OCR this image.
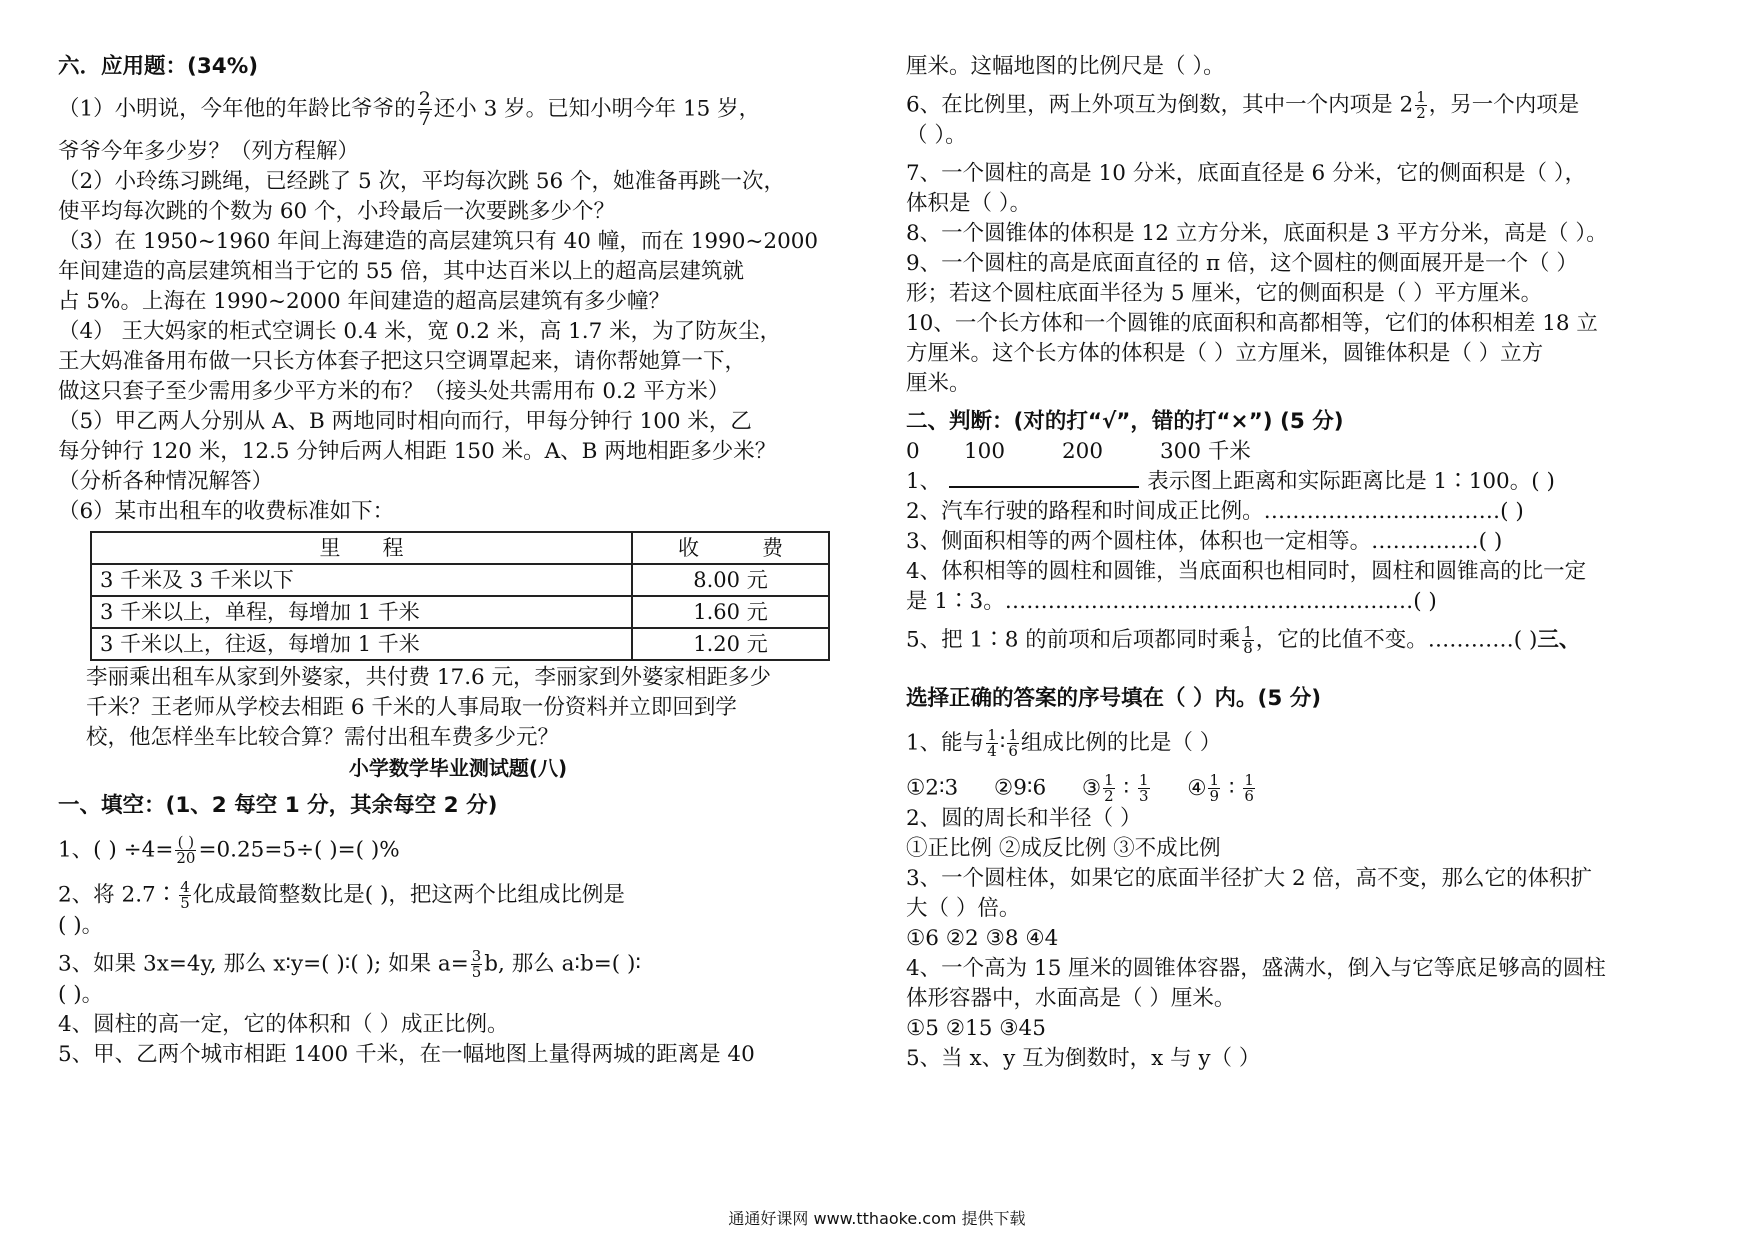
六．应用题：(34%)
（1）小明说，今年他的年龄比爷爷的 $\frac{2}{7}$ 还小 3 岁。已知小明今年 15 岁，
爷爷今年多少岁？（列方程解）
（2）小玲练习跳绳，已经跳了 5 次，平均每次跳 56 个，她准备再跳一次，
使平均每次跳的个数为 60 个，小玲最后一次要跳多少个？
（3）在 1950~1960 年间上海建造的高层建筑只有 40 幢，而在 1990~2000
年间建造的高层建筑相当于它的 55 倍，其中达百米以上的超高层建筑就
占 5%。上海在 1990~2000 年间建造的超高层建筑有多少幢？
（4） 王大妈家的柜式空调长 0.4 米，宽 0.2 米，高 1.7 米，为了防灰尘，
王大妈准备用布做一只长方体套子把这只空调罩起来，请你帮她算一下，
做这只套子至少需用多少平方米的布？（接头处共需用布 0.2 平方米）
（5）甲乙两人分别从 A、B 两地同时相向而行，甲每分钟行 100 米，乙
每分钟行 120 米，12.5 分钟后两人相距 150 米。A、B 两地相距多少米？
（分析各种情况解答）
（6）某市出租车的收费标准如下：
里　　程	收　　　费
3 千米及 3 千米以下	8.00 元
3 千米以上，单程，每增加 1 千米	1.60 元
3 千米以上，往返，每增加 1 千米	1.20 元
李丽乘出租车从家到外婆家，共付费 17.6 元，李丽家到外婆家相距多少
千米？王老师从学校去相距 6 千米的人事局取一份资料并立即回到学
校，他怎样坐车比较合算？需付出租车费多少元？
小学数学毕业测试题(八)
一、填空：(1、2 每空 1 分，其余每空 2 分)
1、( ) $\div 4= \frac{( )}{20} =0.25=5\div$( )=( )%
2、将 2.7∶ $\frac{4}{5}$ 化成最简整数比是( )，把这两个比组成比例是
( )。
3、如果 3x=4y, 那么 x∶y=( )∶( ); 如果 $a= \frac{3}{5} b$, 那么 a∶b=( )∶
( )。
4、圆柱的高一定，它的体积和（ ）成正比例。
5、甲、乙两个城市相距 1400 千米，在一幅地图上量得两城的距离是 40
厘米。这幅地图的比例尺是（ ）。
6、在比例里，两上外项互为倒数，其中一个内项是 $2 \frac{1}{2}$ ，另一个内项是
（ ）。
7、一个圆柱的高是 10 分米，底面直径是 6 分米，它的侧面积是（ ），
体积是（ ）。
8、一个圆锥体的体积是 12 立方分米，底面积是 3 平方分米，高是（ ）。
9、一个圆柱的高是底面直径的 π 倍，这个圆柱的侧面展开是一个（ ）
形；若这个圆柱底面半径为 5 厘米，它的侧面积是（ ）平方厘米。
10、一个长方体和一个圆锥的底面积和高都相等，它们的体积相差 18 立
方厘米。这个长方体的体积是（ ）立方厘米，圆锥体积是（ ）立方
厘米。
二、判断：(对的打“√”，错的打“×”) (5 分)
0 100	200	300 千米
1、	表示图上距离和实际距离比是 1∶100。( )
2、汽车行驶的路程和时间成正比例。……………………………( )
3、侧面积相等的两个圆柱体，体积也一定相等。……………( )
4、体积相等的圆柱和圆锥，当底面积也相同时，圆柱和圆锥高的比一定
是 1∶3。…………………………………………………( )
5、把 1∶8 的前项和后项都同时乘 $\frac{1}{8}$ ，它的比值不变。…………( )三、
选择正确的答案的序号填在（ ）内。(5 分)
1、能与 $\frac{1}{4}$ ∶ $\frac{1}{6}$ 组成比例的比是（ ）
①2∶3 ②9∶6 ③ $\frac{1}{2}$ ∶ $\frac{1}{3}$ ④ $\frac{1}{9}$ ∶ $\frac{1}{6}$
2、圆的周长和半径（ ）
①正比例 ②成反比例 ③不成比例
3、一个圆柱体，如果它的底面半径扩大 2 倍，高不变，那么它的体积扩
大（ ）倍。
①6 ②2 ③8 ④4
4、一个高为 15 厘米的圆锥体容器，盛满水，倒入与它等底足够高的圆柱
体形容器中，水面高是（ ）厘米。
①5 ②15 ③45
5、当 x、y 互为倒数时，x 与 y（ ）
通通好课网 www.tthaoke.com 提供下载
